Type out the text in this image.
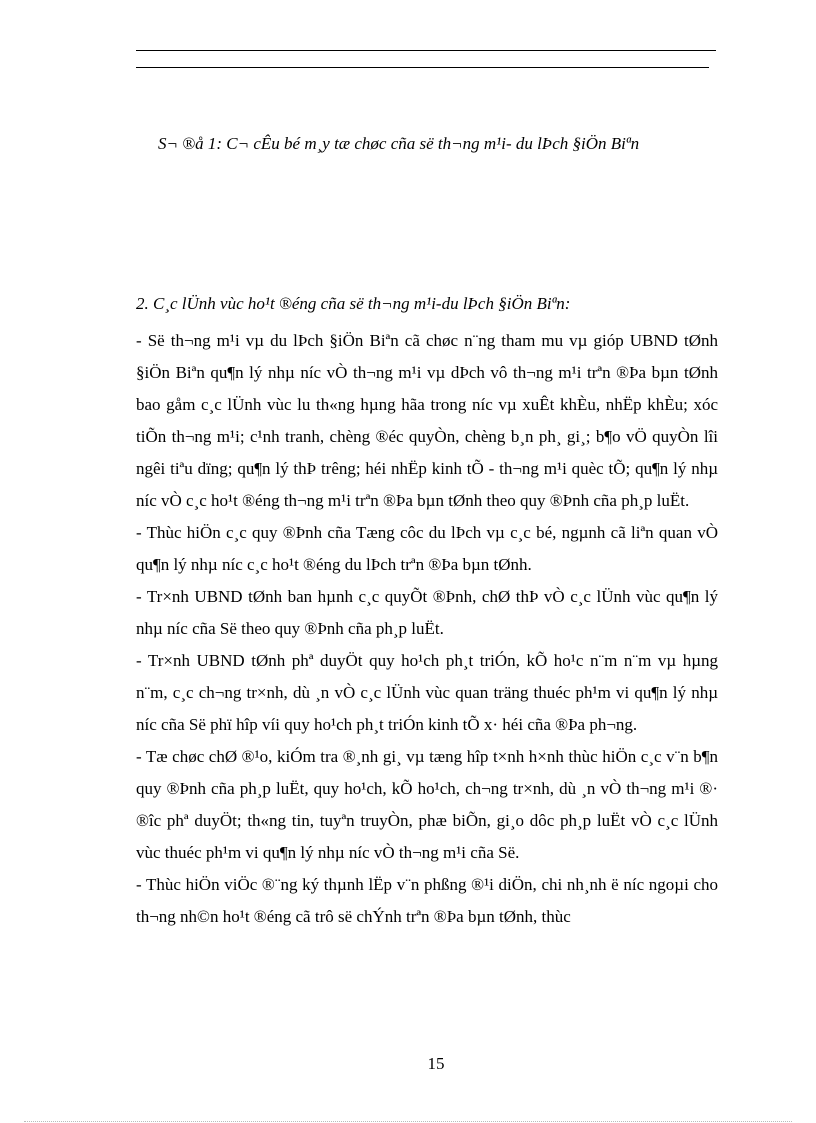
S¬ ®å 1: C¬ cÊu bé m¸y tæ chøc cña së th¬ng m¹i- du lÞch §iÖn Biªn
2. C¸c lÜnh vùc ho¹t ®éng cña së th¬ng m¹i-du lÞch §iÖn Biªn:

- Së th¬ng m¹i vµ du lÞch §iÖn Biªn cã chøc n¨ng tham mu vµ gióp UBND tØnh §iÖn Biªn qu¶n lý nhµ níc vÒ th¬ng m¹i vµ dÞch vô th¬ng m¹i trªn ®Þa bµn tØnh bao gåm c¸c lÜnh vùc lu th«ng hµng hãa trong níc vµ xuÊt khÈu, nhËp khÈu; xóc tiÕn th¬ng m¹i; c¹nh tranh, chèng ®éc quyÒn, chèng b¸n ph¸ gi¸; b¶o vÖ quyÒn lîi ngêi tiªu dïng; qu¶n lý thÞ trêng; héi nhËp kinh tÕ - th¬ng m¹i quèc tÕ; qu¶n lý nhµ níc vÒ c¸c ho¹t ®éng th¬ng m¹i trªn ®Þa bµn tØnh theo quy ®Þnh cña ph¸p luËt.

- Thùc hiÖn c¸c quy ®Þnh cña Tæng côc du lÞch vµ c¸c bé, ngµnh cã liªn quan vÒ qu¶n lý nhµ níc c¸c ho¹t ®éng du lÞch trªn ®Þa bµn tØnh.

- Tr×nh UBND tØnh ban hµnh c¸c quyÕt ®Þnh, chØ thÞ vÒ c¸c lÜnh vùc qu¶n lý nhµ níc cña Së theo quy ®Þnh cña ph¸p luËt.

- Tr×nh UBND tØnh phª duyÖt quy ho¹ch ph¸t triÓn, kÕ ho¹c n¨m n¨m vµ hµng n¨m, c¸c ch¬ng tr×nh, dù ¸n vÒ c¸c lÜnh vùc quan träng thuéc ph¹m vi qu¶n lý nhµ níc cña Së phï hîp víi quy ho¹ch ph¸t triÓn kinh tÕ x· héi cña ®Þa ph¬ng.

- Tæ chøc chØ ®¹o, kiÓm tra ®¸nh gi¸ vµ tæng hîp t×nh h×nh thùc hiÖn c¸c v¨n b¶n quy ®Þnh cña ph¸p luËt, quy ho¹ch, kÕ ho¹ch, ch¬ng tr×nh, dù ¸n vÒ th¬ng m¹i ®· ®îc phª duyÖt; th«ng tin, tuyªn truyÒn, phæ biÕn, gi¸o dôc ph¸p luËt vÒ c¸c lÜnh vùc thuéc ph¹m vi qu¶n lý nhµ níc vÒ th¬ng m¹i cña Së.

- Thùc hiÖn viÖc ®¨ng ký thµnh lËp v¨n phßng ®¹i diÖn, chi nh¸nh ë níc ngoµi cho th¬ng nh©n ho¹t ®éng cã trô së chÝnh trªn ®Þa bµn tØnh, thùc

15
